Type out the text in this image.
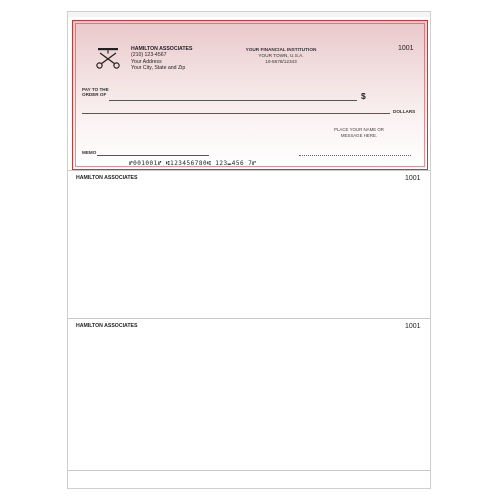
HAMILTON ASSOCIATES
(210) 123-4567
Your Address
Your City, State and Zip
YOUR FINANCIAL INSTITUTION
YOUR TOWN, U.S.A.
10-5678/12343
1001
PAY TO THE
ORDER OF	$
DOLLARS
PLACE YOUR NAME OR
MESSAGE HERE.
MEMO
⑈001001⑈ ⑆123456780⑆ 123⑉456 7⑈
THIS DOCUMENT CONTAINS A COLORED BACKGROUND ON WHITE PAPER. ABSENCE OF THESE FEATURES WILL INDICATE A COPY. CHECK SECURITY FEATURES LISTED ON BACK
HAMILTON ASSOCIATES	1001
HAMILTON ASSOCIATES	1001
